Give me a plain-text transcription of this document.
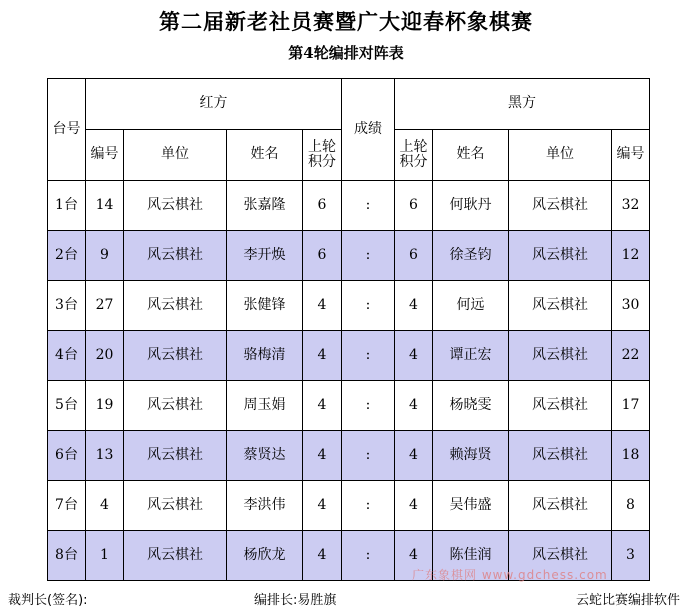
第二届新老社员赛暨广大迎春杯象棋赛
第4轮编排对阵表
台号	红方				成绩	黑方			
	编号	单位	姓名	上轮积分		上轮积分	姓名	单位	编号
1台	14	风云棋社	张嘉隆	6	:	6	何耿丹	风云棋社	32
2台	9	风云棋社	李开焕	6	:	6	徐圣钧	风云棋社	12
3台	27	风云棋社	张健锋	4	:	4	何远	风云棋社	30
4台	20	风云棋社	骆梅清	4	:	4	谭正宏	风云棋社	22
5台	19	风云棋社	周玉娟	4	:	4	杨晓雯	风云棋社	17
6台	13	风云棋社	蔡贤达	4	:	4	赖海贤	风云棋社	18
7台	4	风云棋社	李洪伟	4	:	4	吴伟盛	风云棋社	8
8台	1	风云棋社	杨欣龙	4	:	4	陈佳润	风云棋社	3
广东象棋网 www.gdchess.com
裁判长(签名):	编排长:易胜旗	云蛇比赛编排软件
